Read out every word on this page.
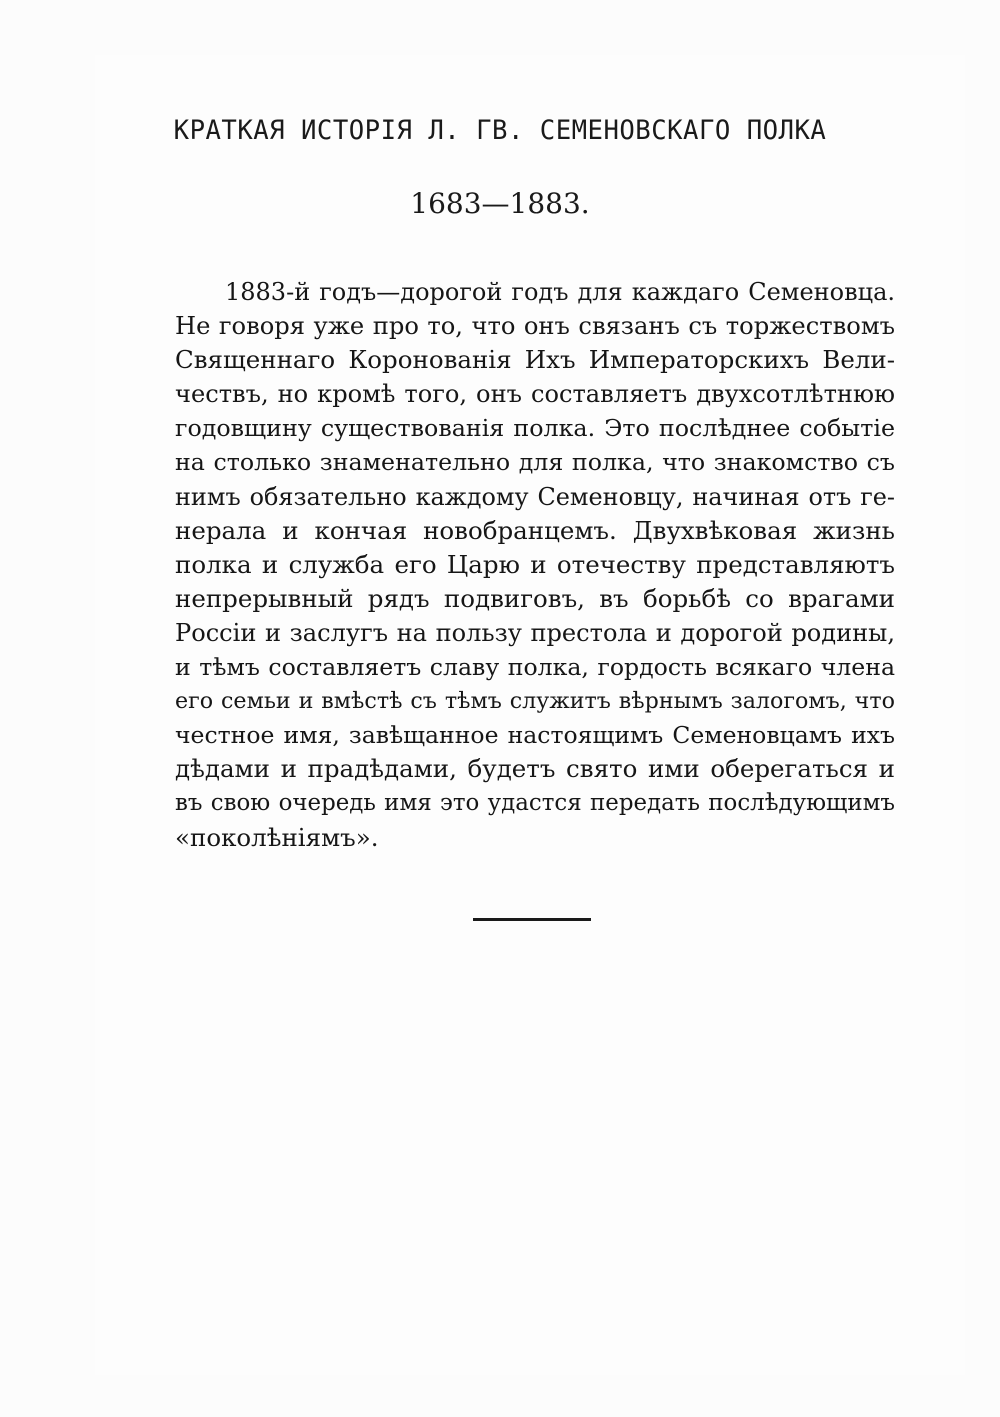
КРАТКАЯ ИСТОРІЯ Л. ГВ. СЕМЕНОВСКАГО ПОЛКА
1683—1883.
1883-й годъ—дорогой годъ для каждаго Семеновца.
Не говоря уже про то, что онъ связанъ съ торжествомъ
Священнаго Коронованія Ихъ Императорскихъ Вели-
чествъ, но кромѣ того, онъ составляетъ двухсотлѣтнюю
годовщину существованія полка. Это послѣднее событіе
на столько знаменательно для полка, что знакомство съ
нимъ обязательно каждому Семеновцу, начиная отъ ге-
нерала и кончая новобранцемъ. Двухвѣковая жизнь
полка и служба его Царю и отечеству представляютъ
непрерывный рядъ подвиговъ, въ борьбѣ со врагами
Россіи и заслугъ на пользу престола и дорогой родины,
и тѣмъ составляетъ славу полка, гордость всякаго члена
его семьи и вмѣстѣ съ тѣмъ служитъ вѣрнымъ залогомъ, что
честное имя, завѣщанное настоящимъ Семеновцамъ ихъ
дѣдами и прадѣдами, будетъ свято ими оберегаться и
въ свою очередь имя это удастся передать послѣдующимъ
«поколѣніямъ».
